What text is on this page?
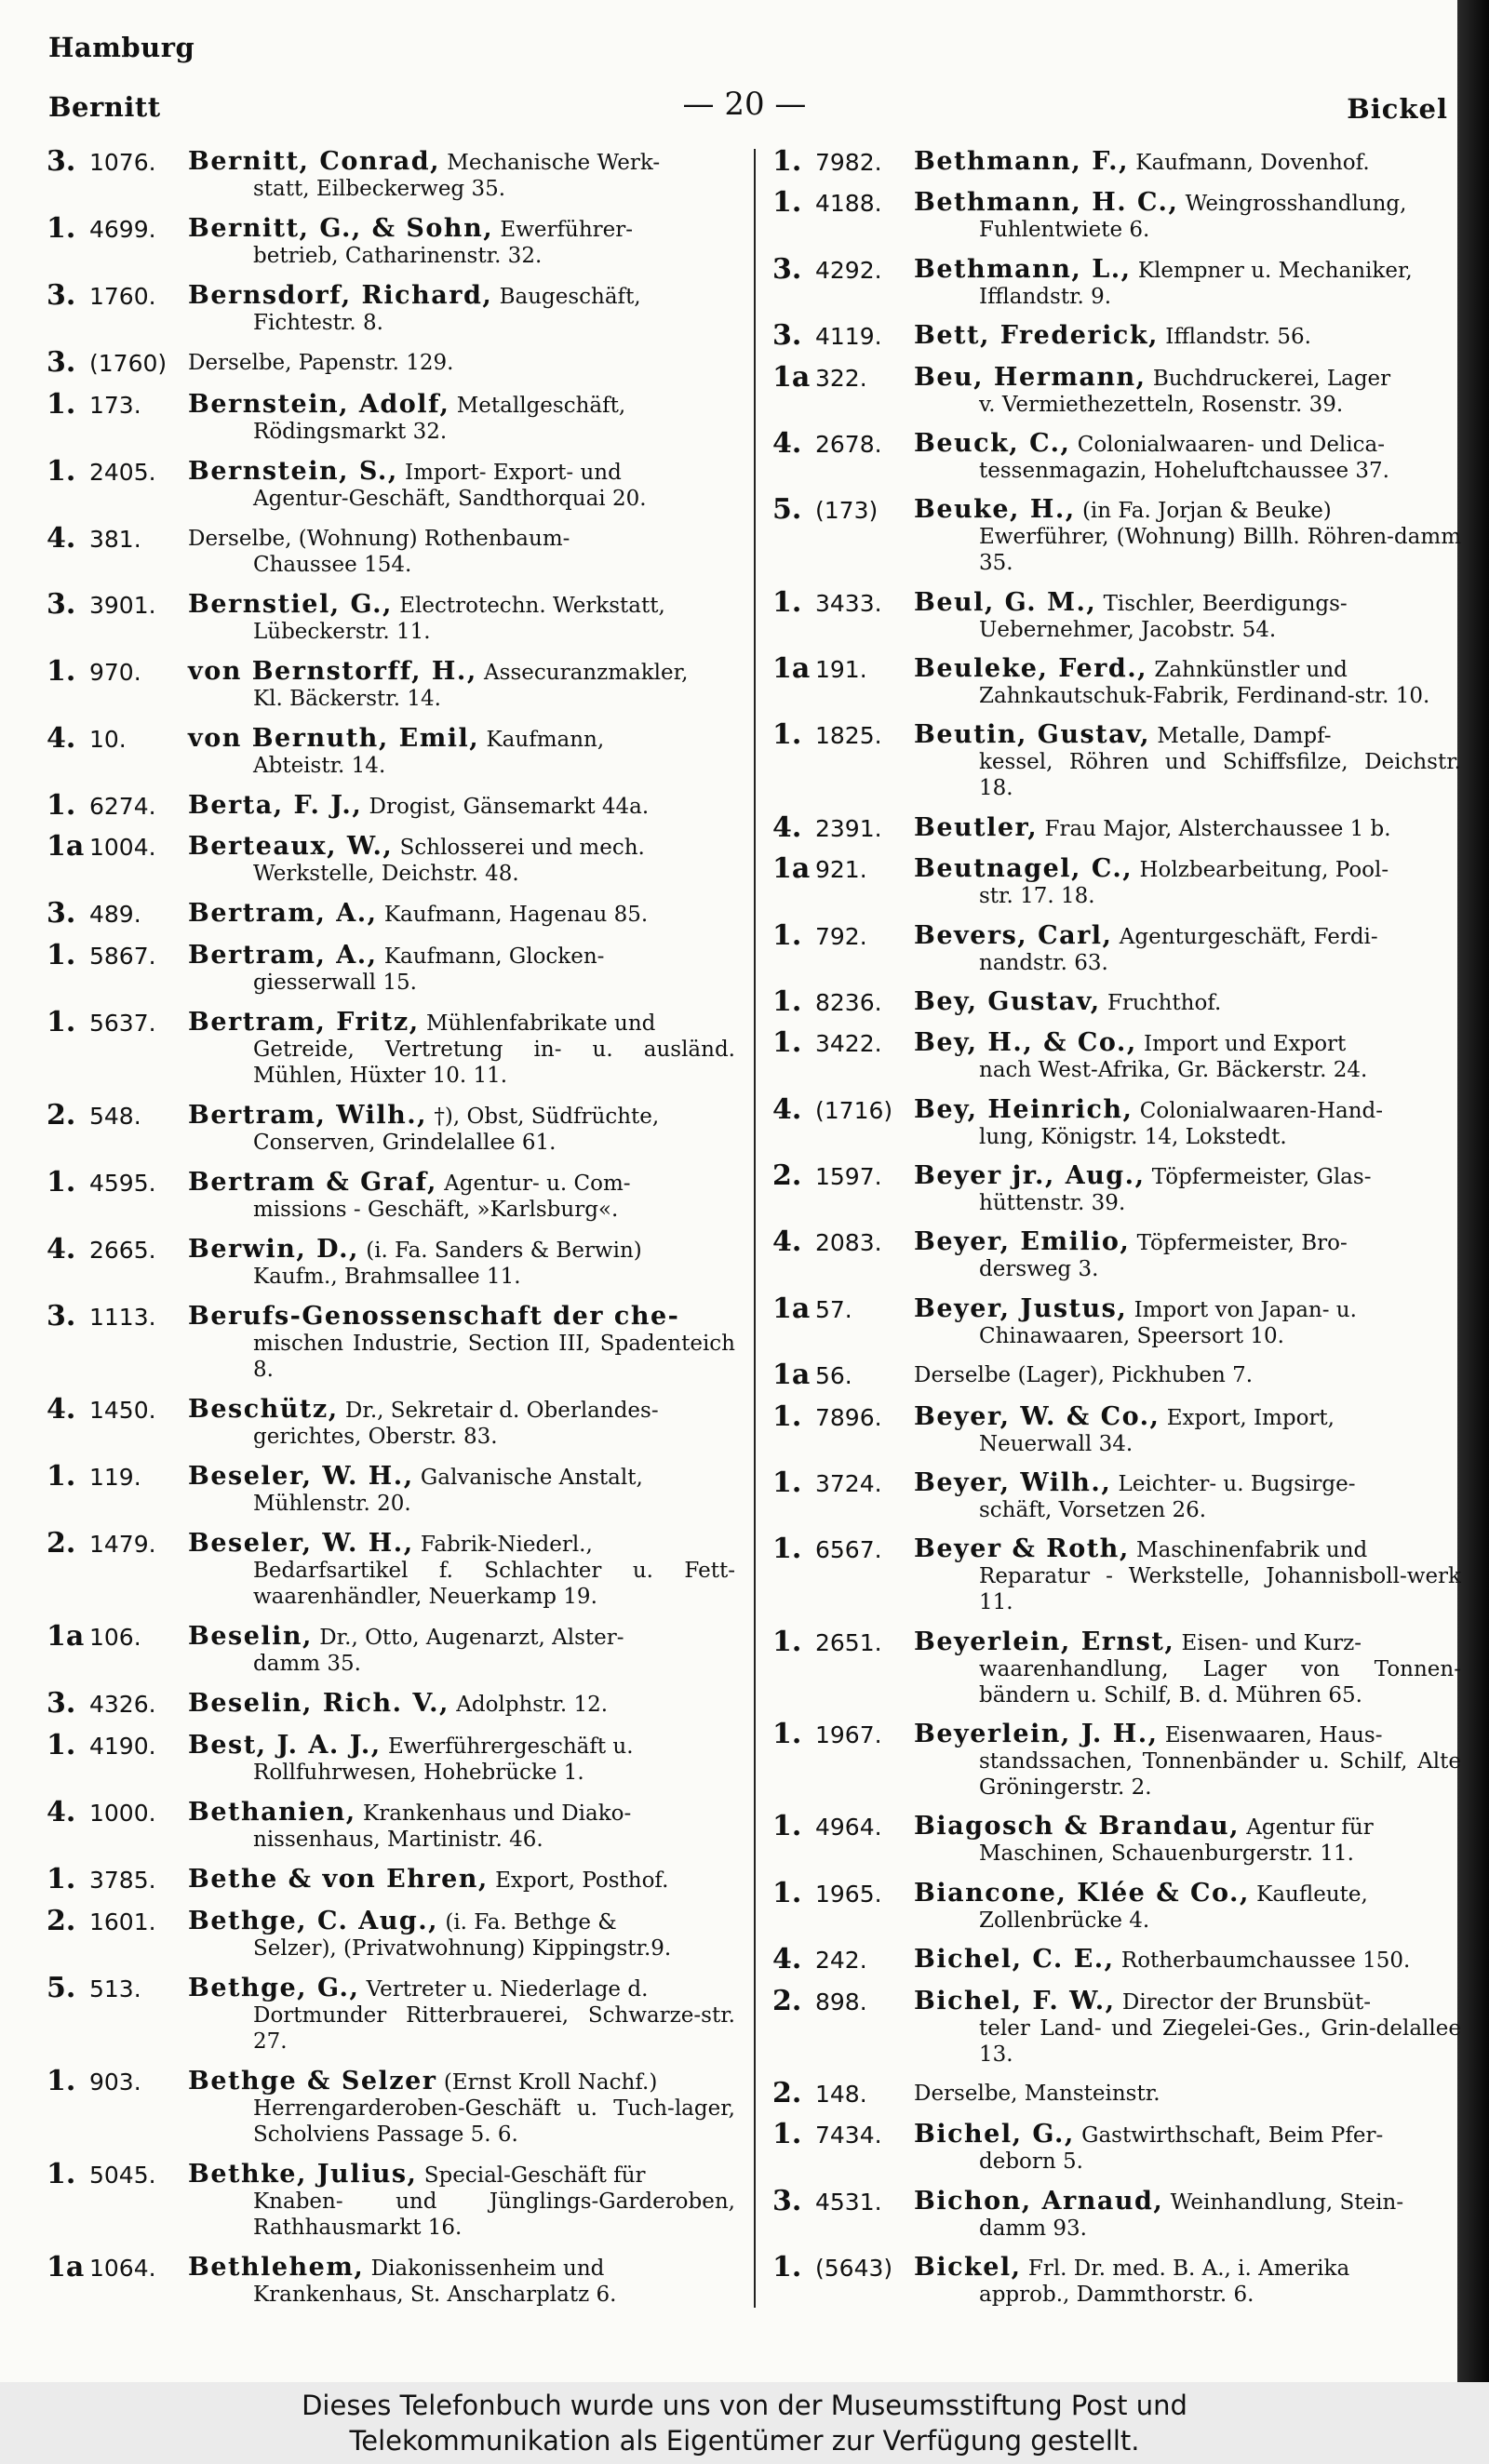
Hamburg
Bernitt	— 20 —	Bickel
3. 1076.	Bernitt, Conrad, Mechanische Werk-
statt, Eilbeckerweg 35.
1. 4699.	Bernitt, G., & Sohn, Ewerführer-
betrieb, Catharinenstr. 32.
3. 1760.	Bernsdorf, Richard, Baugeschäft,
Fichtestr. 8.
3. (1760) Derselbe, Papenstr. 129.
1. 173.	Bernstein, Adolf, Metallgeschäft,
Rödingsmarkt 32.
1. 2405.	Bernstein, S., Import- Export- und
Agentur-Geschäft, Sandthorquai 20.
4. 381.	Derselbe, (Wohnung) Rothenbaum-
Chaussee 154.
3. 3901.	Bernstiel, G., Electrotechn. Werkstatt,
Lübeckerstr. 11.
1. 970.	von Bernstorff, H., Assecuranzmakler,
Kl. Bäckerstr. 14.
4. 10.	von Bernuth, Emil, Kaufmann,
Abteistr. 14.
1. 6274.	Berta, F. J., Drogist, Gänsemarkt 44a.
1a 1004.	Berteaux, W., Schlosserei und mech.
Werkstelle, Deichstr. 48.
3. 489.	Bertram, A., Kaufmann, Hagenau 85.
1. 5867.	Bertram, A., Kaufmann, Glocken-
giesserwall 15.
1. 5637.	Bertram, Fritz, Mühlenfabrikate und
Getreide, Vertretung in- u. ausländ. Mühlen, Hüxter 10. 11.
2. 548.	Bertram, Wilh., †), Obst, Südfrüchte,
Conserven, Grindelallee 61.
1. 4595.	Bertram & Graf, Agentur- u. Com-
missions - Geschäft, »Karlsburg«.
4. 2665.	Berwin, D., (i. Fa. Sanders & Berwin)
Kaufm., Brahmsallee 11.
3. 1113.	Berufs-Genossenschaft der che-
mischen Industrie, Section III, Spadenteich 8.
4. 1450.	Beschütz, Dr., Sekretair d. Oberlandes-
gerichtes, Oberstr. 83.
1. 119.	Beseler, W. H., Galvanische Anstalt,
Mühlenstr. 20.
2. 1479.	Beseler, W. H., Fabrik-Niederl.,
Bedarfsartikel f. Schlachter u. Fett-waarenhändler, Neuerkamp 19.
1a 106.	Beselin, Dr., Otto, Augenarzt, Alster-
damm 35.
3. 4326.	Beselin, Rich. V., Adolphstr. 12.
1. 4190.	Best, J. A. J., Ewerführergeschäft u.
Rollfuhrwesen, Hohebrücke 1.
4. 1000.	Bethanien, Krankenhaus und Diako-
nissenhaus, Martinistr. 46.
1. 3785.	Bethe & von Ehren, Export, Posthof.
2. 1601.	Bethge, C. Aug., (i. Fa. Bethge &
Selzer), (Privatwohnung) Kippingstr.9.
5. 513.	Bethge, G., Vertreter u. Niederlage d.
Dortmunder Ritterbrauerei, Schwarze-str. 27.
1. 903.	Bethge & Selzer (Ernst Kroll Nachf.)
Herrengarderoben-Geschäft u. Tuch-lager, Scholviens Passage 5. 6.
1. 5045.	Bethke, Julius, Special-Geschäft für
Knaben- und Jünglings-Garderoben, Rathhausmarkt 16.
1a 1064.	Bethlehem, Diakonissenheim und
Krankenhaus, St. Anscharplatz 6.
1. 7982.	Bethmann, F., Kaufmann, Dovenhof.
1. 4188.	Bethmann, H. C., Weingrosshandlung,
Fuhlentwiete 6.
3. 4292.	Bethmann, L., Klempner u. Mechaniker,
Ifflandstr. 9.
3. 4119.	Bett, Frederick, Ifflandstr. 56.
1a 322.	Beu, Hermann, Buchdruckerei, Lager
v. Vermiethezetteln, Rosenstr. 39.
4. 2678.	Beuck, C., Colonialwaaren- und Delica-
tessenmagazin, Hoheluftchaussee 37.
5. (173)	Beuke, H., (in Fa. Jorjan & Beuke)
Ewerführer, (Wohnung) Billh. Röhren-damm 35.
1. 3433.	Beul, G. M., Tischler, Beerdigungs-
Uebernehmer, Jacobstr. 54.
1a 191.	Beuleke, Ferd., Zahnkünstler und
Zahnkautschuk-Fabrik, Ferdinand-str. 10.
1. 1825.	Beutin, Gustav, Metalle, Dampf-
kessel, Röhren und Schiffsfilze, Deichstr. 18.
4. 2391.	Beutler, Frau Major, Alsterchaussee 1 b.
1a 921.	Beutnagel, C., Holzbearbeitung, Pool-
str. 17. 18.
1. 792.	Bevers, Carl, Agenturgeschäft, Ferdi-
nandstr. 63.
1. 8236.	Bey, Gustav, Fruchthof.
1. 3422.	Bey, H., & Co., Import und Export
nach West-Afrika, Gr. Bäckerstr. 24.
4. (1716) Bey, Heinrich, Colonialwaaren-Hand-
lung, Königstr. 14, Lokstedt.
2. 1597.	Beyer jr., Aug., Töpfermeister, Glas-
hüttenstr. 39.
4. 2083.	Beyer, Emilio, Töpfermeister, Bro-
dersweg 3.
1a 57.	Beyer, Justus, Import von Japan- u.
Chinawaaren, Speersort 10.
1a 56.	Derselbe (Lager), Pickhuben 7.
1. 7896.	Beyer, W. & Co., Export, Import,
Neuerwall 34.
1. 3724.	Beyer, Wilh., Leichter- u. Bugsirge-
schäft, Vorsetzen 26.
1. 6567.	Beyer & Roth, Maschinenfabrik und
Reparatur - Werkstelle, Johannisboll-werk 11.
1. 2651.	Beyerlein, Ernst, Eisen- und Kurz-
waarenhandlung, Lager von Tonnen-bändern u. Schilf, B. d. Mühren 65.
1. 1967.	Beyerlein, J. H., Eisenwaaren, Haus-
standssachen, Tonnenbänder u. Schilf, Alte Gröningerstr. 2.
1. 4964.	Biagosch & Brandau, Agentur für
Maschinen, Schauenburgerstr. 11.
1. 1965.	Biancone, Klée & Co., Kaufleute,
Zollenbrücke 4.
4. 242.	Bichel, C. E., Rotherbaumchaussee 150.
2. 898.	Bichel, F. W., Director der Brunsbüt-
teler Land- und Ziegelei-Ges., Grin-delallee 13.
2. 148.	Derselbe, Mansteinstr.
1. 7434.	Bichel, G., Gastwirthschaft, Beim Pfer-
deborn 5.
3. 4531.	Bichon, Arnaud, Weinhandlung, Stein-
damm 93.
1. (5643) Bickel, Frl. Dr. med. B. A., i. Amerika
approb., Dammthorstr. 6.
Dieses Telefonbuch wurde uns von der Museumsstiftung Post und
Telekommunikation als Eigentümer zur Verfügung gestellt.
